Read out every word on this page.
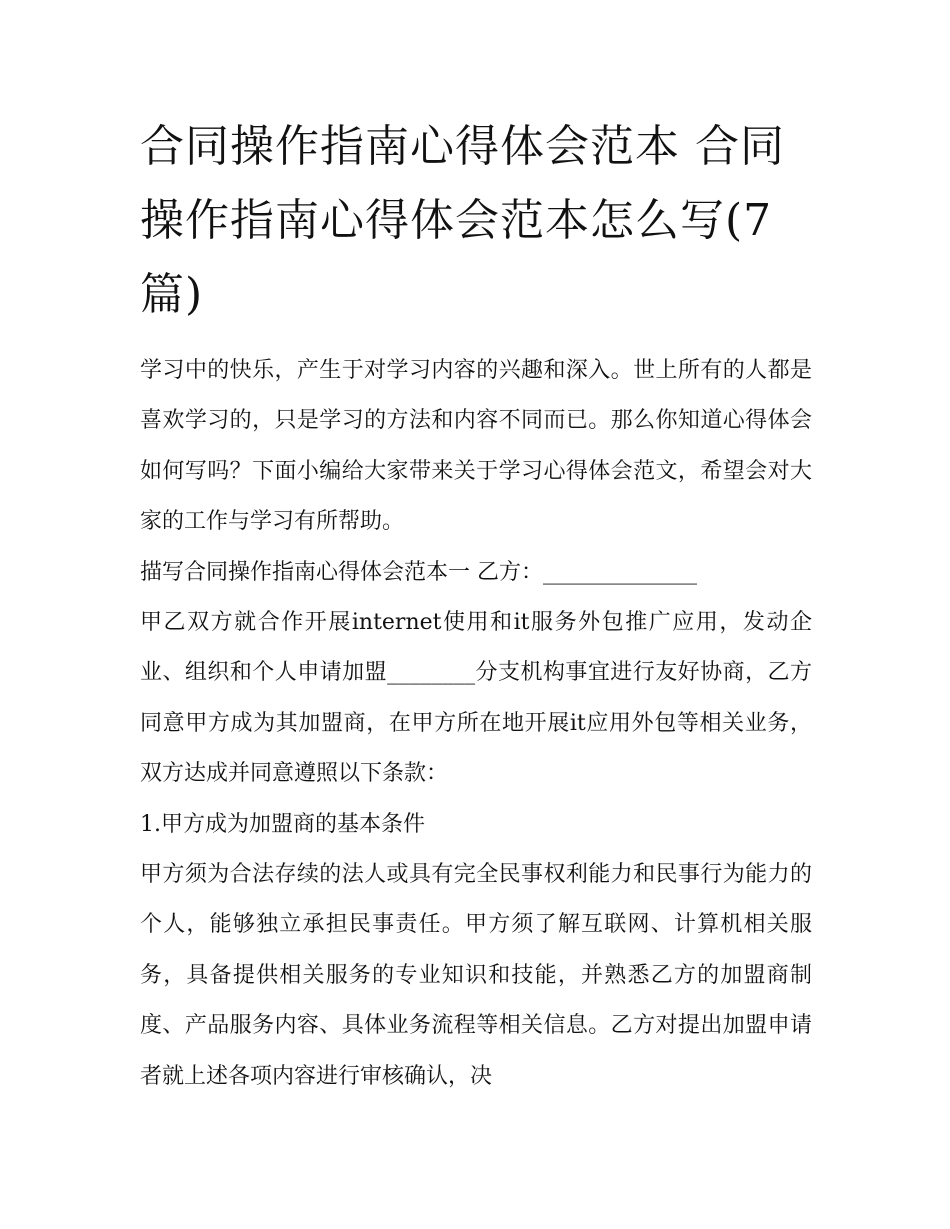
合同操作指南心得体会范本 合同操作指南心得体会范本怎么写(7篇)

学习中的快乐，产生于对学习内容的兴趣和深入。世上所有的人都是喜欢学习的，只是学习的方法和内容不同而已。那么你知道心得体会如何写吗？下面小编给大家带来关于学习心得体会范文，希望会对大家的工作与学习有所帮助。

描写合同操作指南心得体会范本一 乙方：______________

甲乙双方就合作开展internet使用和it服务外包推广应用，发动企业、组织和个人申请加盟________分支机构事宜进行友好协商，乙方同意甲方成为其加盟商，在甲方所在地开展it应用外包等相关业务，双方达成并同意遵照以下条款：

1.甲方成为加盟商的基本条件

甲方须为合法存续的法人或具有完全民事权利能力和民事行为能力的个人，能够独立承担民事责任。甲方须了解互联网、计算机相关服务，具备提供相关服务的专业知识和技能，并熟悉乙方的加盟商制度、产品服务内容、具体业务流程等相关信息。乙方对提出加盟申请者就上述各项内容进行审核确认，决
